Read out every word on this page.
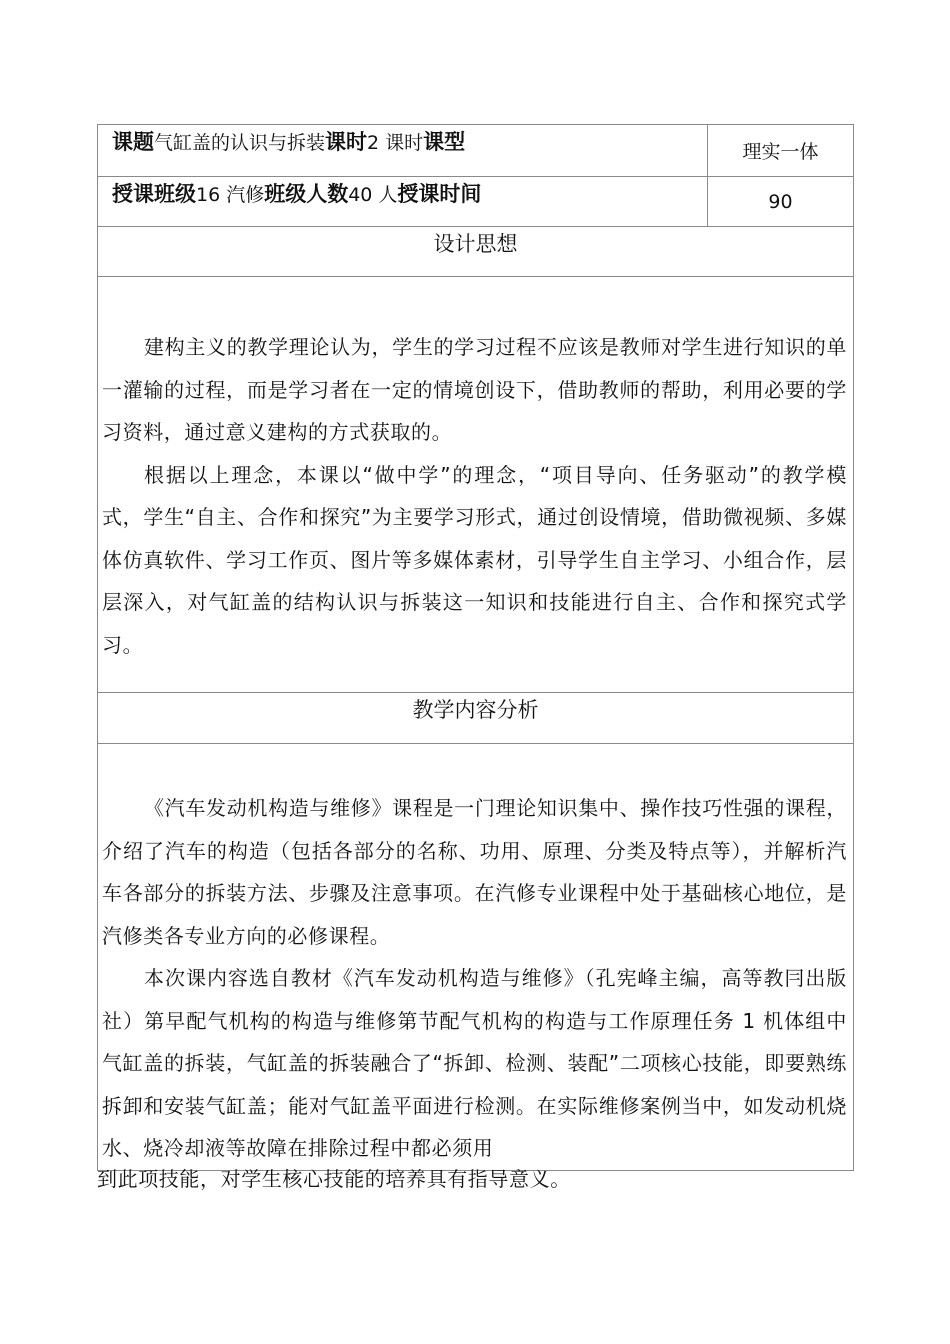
课题气缸盖的认识与拆装课时2 课时课型	理实一体
授课班级16 汽修班级人数40 人授课时间	90
设计思想	

建构主义的教学理论认为，学生的学习过程不应该是教师对学生进行知识的单一灌输的过程，而是学习者在一定的情境创设下，借助教师的帮助，利用必要的学习资料，通过意义建构的方式获取的。

根据以上理念，本课以“做中学”的理念，“项目导向、任务驱动”的教学模式，学生“自主、合作和探究”为主要学习形式，通过创设情境，借助微视频、多媒体仿真软件、学习工作页、图片等多媒体素材，引导学生自主学习、小组合作，层层深入，对气缸盖的结构认识与拆装这一知识和技能进行自主、合作和探究式学习。	

教学内容分析	

《汽车发动机构造与维修》课程是一门理论知识集中、操作技巧性强的课程，介绍了汽车的构造（包括各部分的名称、功用、原理、分类及特点等），并解析汽车各部分的拆装方法、步骤及注意事项。在汽修专业课程中处于基础核心地位，是汽修类各专业方向的必修课程。

本次课内容选自教材《汽车发动机构造与维修》（孔宪峰主编，高等教冃出版社）第早配气机构的构造与维修第节配气机构的构造与工作原理任务 1 机体组中气缸盖的拆装，气缸盖的拆装融合了“拆卸、检测、装配”二项核心技能，即要熟练拆卸和安装气缸盖；能对气缸盖平面进行检测。在实际维修案例当中，如发动机烧水、烧冷却液等故障在排除过程中都必须用	

到此项技能，对学生核心技能的培养具有指导意义。
